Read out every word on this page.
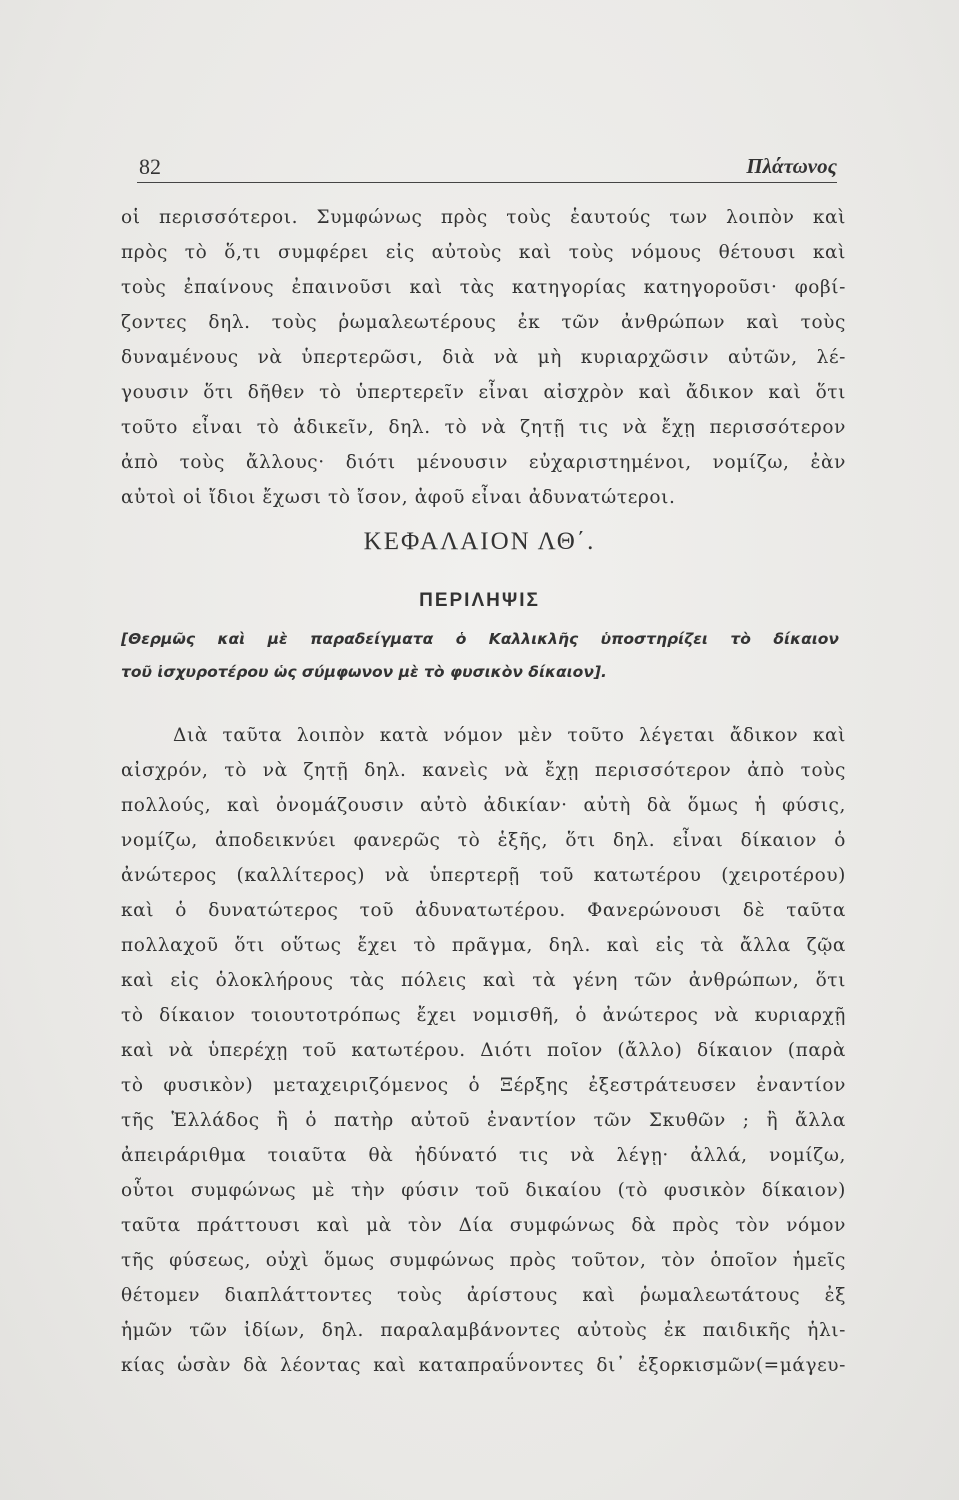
82	Πλάτωνος
οἱ περισσότεροι. Συμφώνως πρὸς τοὺς ἑαυτούς των λοιπὸν καὶ
πρὸς τὸ ὅ,τι συμφέρει εἰς αὐτοὺς καὶ τοὺς νόμους θέτουσι καὶ
τοὺς ἐπαίνους ἐπαινοῦσι καὶ τὰς κατηγορίας κατηγοροῦσι· φοβί-
ζοντες δηλ. τοὺς ῥωμαλεωτέρους ἐκ τῶν ἀνθρώπων καὶ τοὺς
δυναμένους νὰ ὑπερτερῶσι, διὰ νὰ μὴ κυριαρχῶσιν αὐτῶν, λέ-
γουσιν ὅτι δῆθεν τὸ ὑπερτερεῖν εἶναι αἰσχρὸν καὶ ἄδικον καὶ ὅτι
τοῦτο εἶναι τὸ ἀδικεῖν, δηλ. τὸ νὰ ζητῇ τις νὰ ἔχῃ περισσότερον
ἀπὸ τοὺς ἄλλους· διότι μένουσιν εὐχαριστημένοι, νομίζω, ἐὰν
αὐτοὶ οἱ ἴδιοι ἔχωσι τὸ ἴσον, ἀφοῦ εἶναι ἀδυνατώτεροι.
ΚΕΦΑΛΑΙΟΝ ΛΘ΄.
ΠΕΡΙΛΗΨΙΣ
[Θερμῶς καὶ μὲ παραδείγματα ὁ Καλλικλῆς ὑποστηρίζει τὸ δίκαιον
τοῦ ἰσχυροτέρου ὡς σύμφωνον μὲ τὸ φυσικὸν δίκαιον].
Διὰ ταῦτα λοιπὸν κατὰ νόμον μὲν τοῦτο λέγεται ἄδικον καὶ
αἰσχρόν, τὸ νὰ ζητῇ δηλ. κανεὶς νὰ ἔχῃ περισσότερον ἀπὸ τοὺς
πολλούς, καὶ ὀνομάζουσιν αὐτὸ ἀδικίαν· αὐτὴ δὰ ὅμως ἡ φύσις,
νομίζω, ἀποδεικνύει φανερῶς τὸ ἑξῆς, ὅτι δηλ. εἶναι δίκαιον ὁ
ἀνώτερος (καλλίτερος) νὰ ὑπερτερῇ τοῦ κατωτέρου (χειροτέρου)
καὶ ὁ δυνατώτερος τοῦ ἀδυνατωτέρου. Φανερώνουσι δὲ ταῦτα
πολλαχοῦ ὅτι οὕτως ἔχει τὸ πρᾶγμα, δηλ. καὶ εἰς τὰ ἄλλα ζῷα
καὶ εἰς ὁλοκλήρους τὰς πόλεις καὶ τὰ γένη τῶν ἀνθρώπων, ὅτι
τὸ δίκαιον τοιουτοτρόπως ἔχει νομισθῆ, ὁ ἀνώτερος νὰ κυριαρχῇ
καὶ νὰ ὑπερέχῃ τοῦ κατωτέρου. Διότι ποῖον (ἄλλο) δίκαιον (παρὰ
τὸ φυσικὸν) μεταχειριζόμενος ὁ Ξέρξης ἐξεστράτευσεν ἐναντίον
τῆς Ἑλλάδος ἢ ὁ πατὴρ αὐτοῦ ἐναντίον τῶν Σκυθῶν ; ἢ ἄλλα
ἀπειράριθμα τοιαῦτα θὰ ἠδύνατό τις νὰ λέγῃ· ἀλλά, νομίζω,
οὗτοι συμφώνως μὲ τὴν φύσιν τοῦ δικαίου (τὸ φυσικὸν δίκαιον)
ταῦτα πράττουσι καὶ μὰ τὸν Δία συμφώνως δὰ πρὸς τὸν νόμον
τῆς φύσεως, οὐχὶ ὅμως συμφώνως πρὸς τοῦτον, τὸν ὁποῖον ἡμεῖς
θέτομεν διαπλάττοντες τοὺς ἀρίστους καὶ ῥωμαλεωτάτους ἐξ
ἡμῶν τῶν ἰδίων, δηλ. παραλαμβάνοντες αὐτοὺς ἐκ παιδικῆς ἡλι-
κίας ὡσὰν δὰ λέοντας καὶ καταπραΰνοντες δι᾽ ἐξορκισμῶν(=μάγευ-
